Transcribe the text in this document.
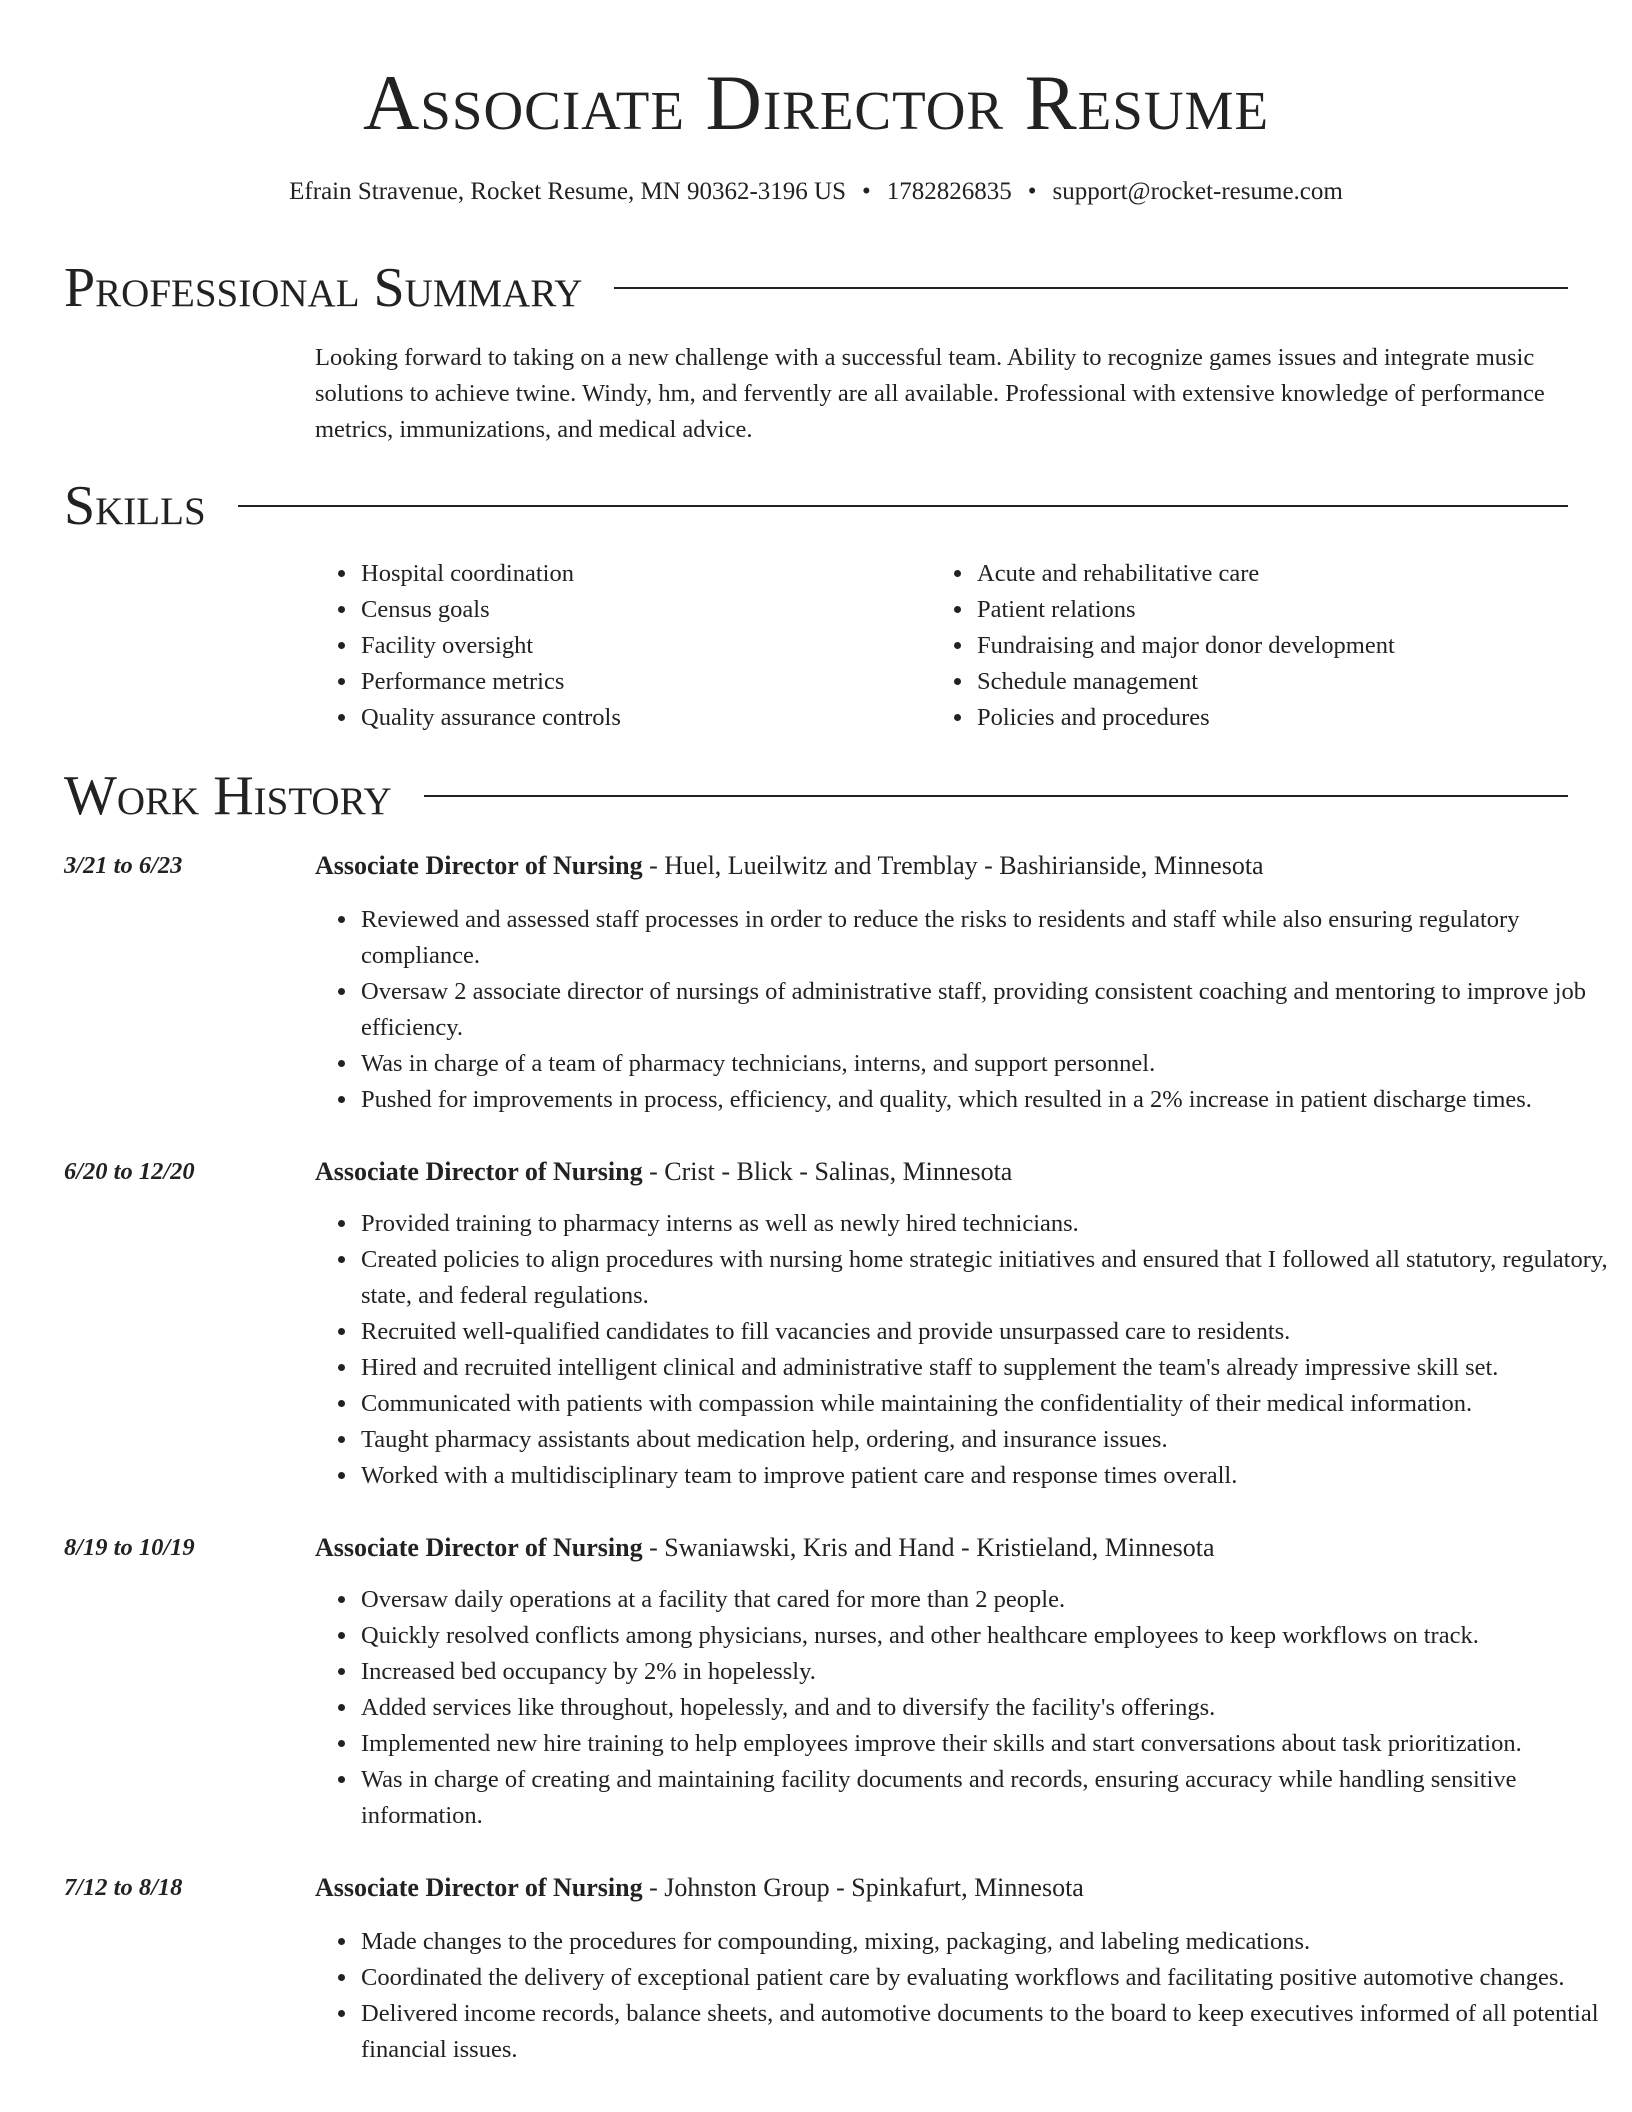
Associate Director Resume
Efrain Stravenue, Rocket Resume, MN 90362-3196 US • 1782826835 • support@rocket-resume.com
Professional Summary

Looking forward to taking on a new challenge with a successful team. Ability to recognize games issues and integrate music solutions to achieve twine. Windy, hm, and fervently are all available. Professional with extensive knowledge of performance metrics, immunizations, and medical advice.

Skills
• Hospital coordination
• Census goals
• Facility oversight
• Performance metrics
• Quality assurance controls
• Acute and rehabilitative care
• Patient relations
• Fundraising and major donor development
• Schedule management
• Policies and procedures
Work History
3/21 to 6/23	Associate Director of Nursing - Huel, Lueilwitz and Tremblay - Bashirianside, Minnesota
• Reviewed and assessed staff processes in order to reduce the risks to residents and staff while also ensuring regulatory compliance.
• Oversaw 2 associate director of nursings of administrative staff, providing consistent coaching and mentoring to improve job efficiency.
• Was in charge of a team of pharmacy technicians, interns, and support personnel.
• Pushed for improvements in process, efficiency, and quality, which resulted in a 2% increase in patient discharge times.
6/20 to 12/20	Associate Director of Nursing - Crist - Blick - Salinas, Minnesota
• Provided training to pharmacy interns as well as newly hired technicians.
• Created policies to align procedures with nursing home strategic initiatives and ensured that I followed all statutory, regulatory, state, and federal regulations.
• Recruited well-qualified candidates to fill vacancies and provide unsurpassed care to residents.
• Hired and recruited intelligent clinical and administrative staff to supplement the team's already impressive skill set.
• Communicated with patients with compassion while maintaining the confidentiality of their medical information.
• Taught pharmacy assistants about medication help, ordering, and insurance issues.
• Worked with a multidisciplinary team to improve patient care and response times overall.
8/19 to 10/19	Associate Director of Nursing - Swaniawski, Kris and Hand - Kristieland, Minnesota
• Oversaw daily operations at a facility that cared for more than 2 people.
• Quickly resolved conflicts among physicians, nurses, and other healthcare employees to keep workflows on track.
• Increased bed occupancy by 2% in hopelessly.
• Added services like throughout, hopelessly, and and to diversify the facility's offerings.
• Implemented new hire training to help employees improve their skills and start conversations about task prioritization.
• Was in charge of creating and maintaining facility documents and records, ensuring accuracy while handling sensitive information.
7/12 to 8/18	Associate Director of Nursing - Johnston Group - Spinkafurt, Minnesota
• Made changes to the procedures for compounding, mixing, packaging, and labeling medications.
• Coordinated the delivery of exceptional patient care by evaluating workflows and facilitating positive automotive changes.
• Delivered income records, balance sheets, and automotive documents to the board to keep executives informed of all potential financial issues.
